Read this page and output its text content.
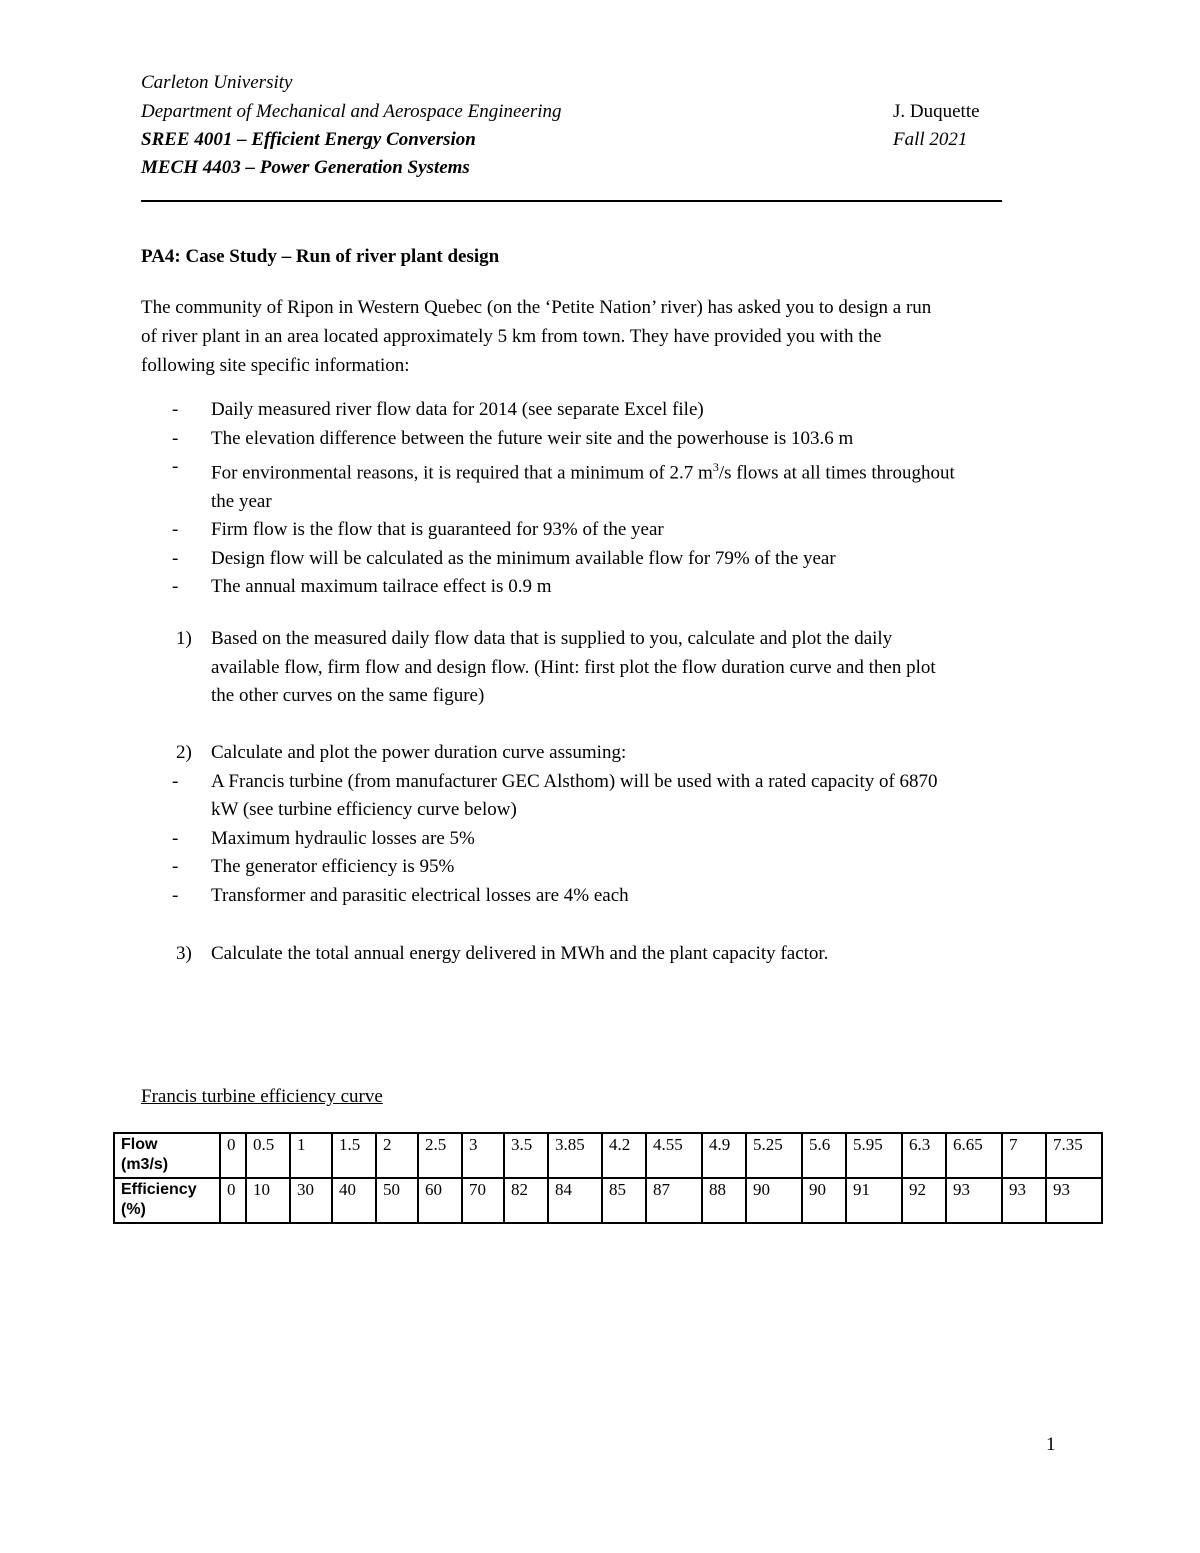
Carleton University
Department of Mechanical and Aerospace Engineering
SREE 4001 – Efficient Energy Conversion
MECH 4403 – Power Generation Systems
J. Duquette
Fall 2021
PA4: Case Study – Run of river plant design
The community of Ripon in Western Quebec (on the ‘Petite Nation’ river) has asked you to design a run
of river plant in an area located approximately 5 km from town. They have provided you with the
following site specific information:
- Daily measured river flow data for 2014 (see separate Excel file)
- The elevation difference between the future weir site and the powerhouse is 103.6 m
- For environmental reasons, it is required that a minimum of 2.7 $m^3/s$ flows at all times throughout
the year
- Firm flow is the flow that is guaranteed for 93% of the year
- Design flow will be calculated as the minimum available flow for 79% of the year
- The annual maximum tailrace effect is 0.9 m
1) Based on the measured daily flow data that is supplied to you, calculate and plot the daily
available flow, firm flow and design flow. (Hint: first plot the flow duration curve and then plot
the other curves on the same figure)
2) Calculate and plot the power duration curve assuming:
- A Francis turbine (from manufacturer GEC Alsthom) will be used with a rated capacity of 6870
kW (see turbine efficiency curve below)
- Maximum hydraulic losses are 5%
- The generator efficiency is 95%
- Transformer and parasitic electrical losses are 4% each
3) Calculate the total annual energy delivered in MWh and the plant capacity factor.
Francis turbine efficiency curve
Flow
(m3/s)	0	0.5	1	1.5	2	2.5	3	3.5	3.85	4.2	4.55	4.9	5.25	5.6	5.95	6.3	6.65	7	7.35
Efficiency
(%)	0	10	30	40	50	60	70	82	84	85	87	88	90	90	91	92	93	93	93
1
